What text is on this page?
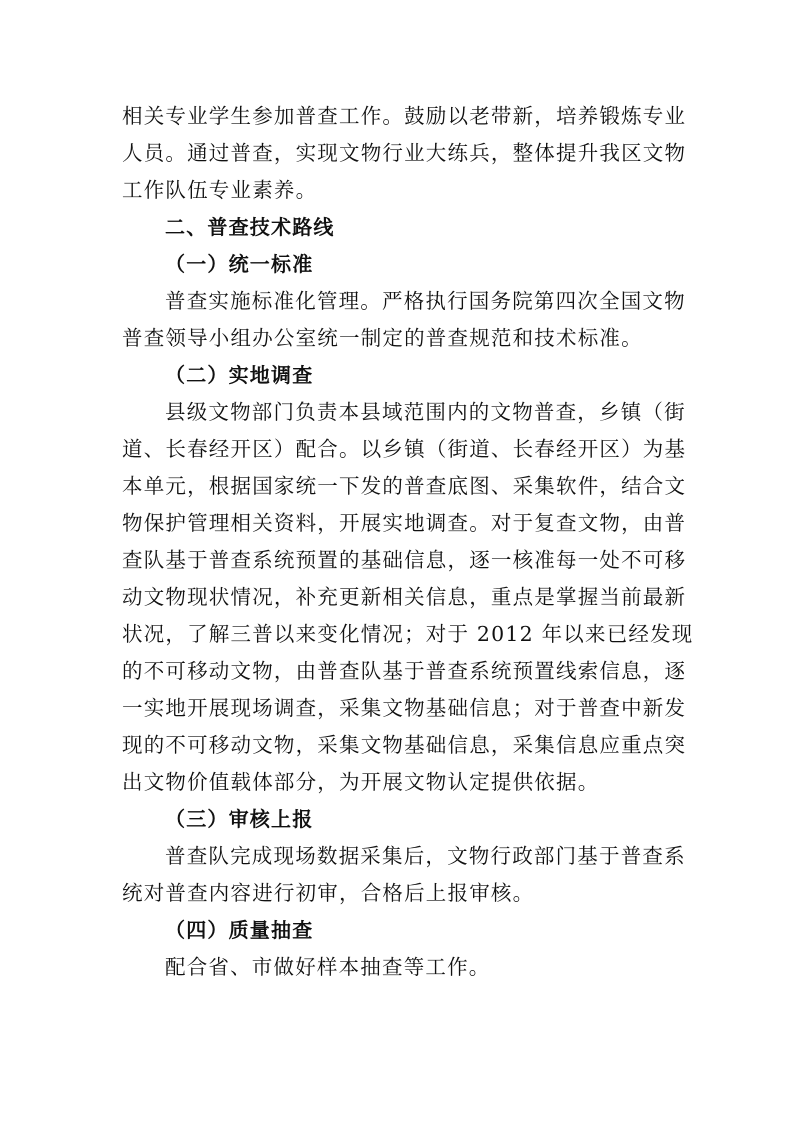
相关专业学生参加普查工作。鼓励以老带新，培养锻炼专业
人员。通过普查，实现文物行业大练兵，整体提升我区文物
工作队伍专业素养。
二、普查技术路线
（一）统一标准
普查实施标准化管理。严格执行国务院第四次全国文物
普查领导小组办公室统一制定的普查规范和技术标准。
（二）实地调查
县级文物部门负责本县域范围内的文物普查，乡镇（街
道、长春经开区）配合。以乡镇（街道、长春经开区）为基
本单元，根据国家统一下发的普查底图、采集软件，结合文
物保护管理相关资料，开展实地调查。对于复查文物，由普
查队基于普查系统预置的基础信息，逐一核准每一处不可移
动文物现状情况，补充更新相关信息，重点是掌握当前最新
状况，了解三普以来变化情况；对于 2012 年以来已经发现
的不可移动文物，由普查队基于普查系统预置线索信息，逐
一实地开展现场调查，采集文物基础信息；对于普查中新发
现的不可移动文物，采集文物基础信息，采集信息应重点突
出文物价值载体部分，为开展文物认定提供依据。
（三）审核上报
普查队完成现场数据采集后，文物行政部门基于普查系
统对普查内容进行初审，合格后上报审核。
（四）质量抽查
配合省、市做好样本抽查等工作。
